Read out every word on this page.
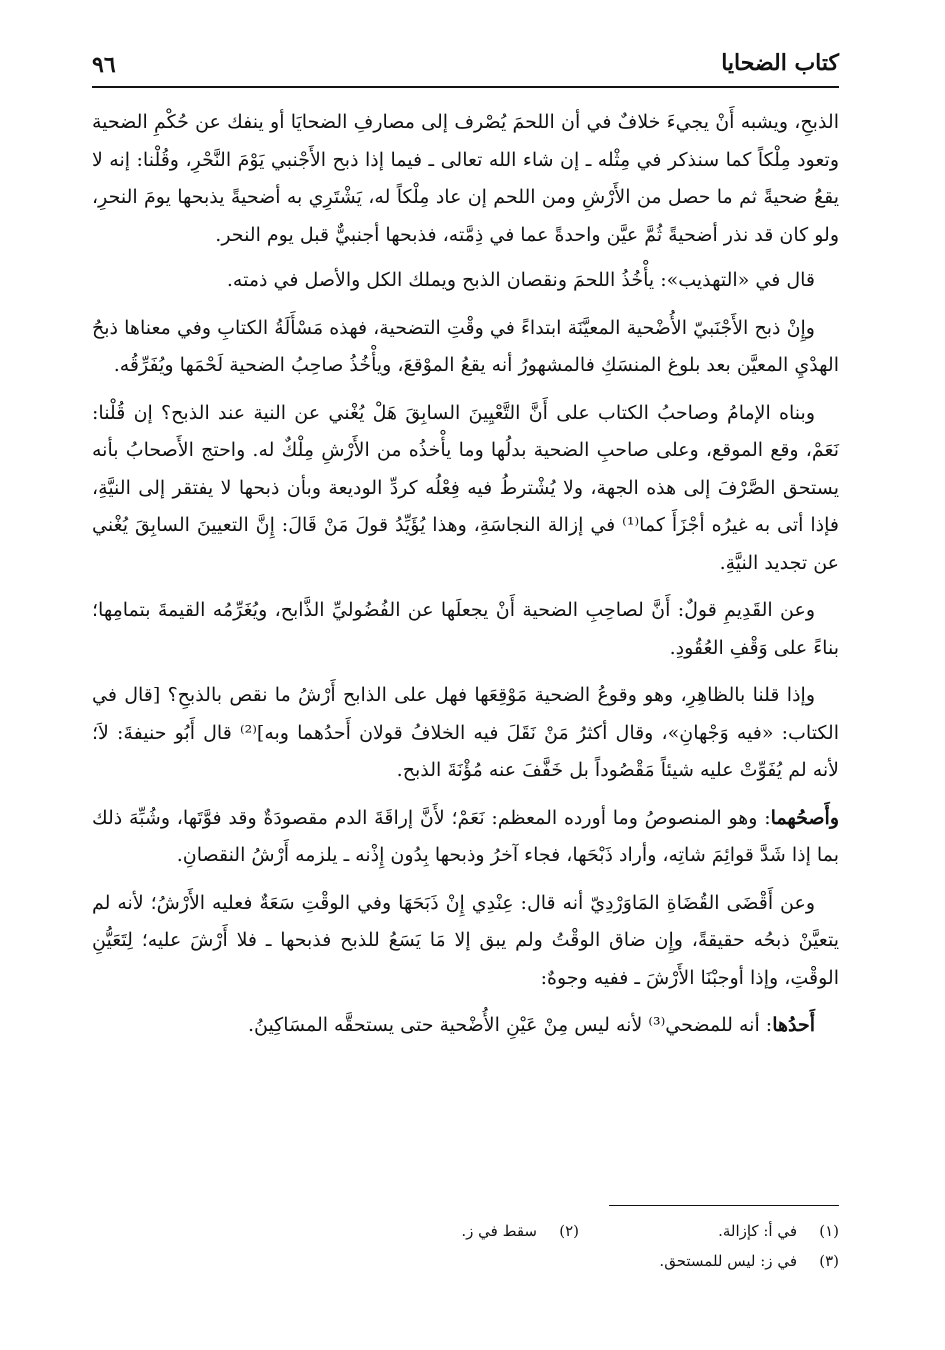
كتاب الضحايا
٩٦

الذبحِ، ويشبه أَنْ يجيءَ خلافٌ في أن اللحمَ يُصْرف إلى مصارفِ الضحايَا أو ينفك عن حُكْمِ الضحية وتعود مِلْكاً كما سنذكر في مِثْله ـ إن شاء الله تعالى ـ فيما إذا ذبح الأَجْنبي يَوْمَ النَّحْرِ، وقُلْنا: إنه لا يقعُ ضحيةً ثم ما حصل من الأَرْشِ ومن اللحم إن عاد مِلْكاً له، يَشْتَرِي به أضحيةً يذبحها يومَ النحرِ، ولو كان قد نذر أضحيةً ثُمَّ عيَّن واحدةً عما في ذِمَّته، فذبحها أجنبيٌّ قبل يوم النحر.

قال في «التهذيب»: يأْخُذُ اللحمَ ونقصان الذبح ويملك الكل والأصل في ذمته.

وإِنْ ذبح الأَجْنَبيّ الأُضْحية المعيَّنَة ابتداءً في وقْتِ التضحية، فهذه مَسْأَلَةُ الكتابِ وفي معناها ذبحُ الهدْيِ المعيَّن بعد بلوغ المنسَكِ فالمشهورُ أنه يقعُ الموْقعَ، ويأْخُذُ صاحِبُ الضحية لَحْمَها ويُفَرِّقُه.

وبناه الإمامُ وصاحبُ الكتاب على أَنَّ التَّعْيِينَ السابِقَ هَلْ يُغْني عن النية عند الذبح؟ إن قُلْنا: نَعَمْ، وقع الموقع، وعلى صاحبِ الضحية بدلُها وما يأْخذُه من الأَرْشِ مِلْكٌ له. واحتج الأَصحابُ بأنه يستحق الصَّرْفَ إلى هذه الجهة، ولا يُشْترطُ فيه فِعْلُه كردِّ الوديعة وبأن ذبحها لا يفتقر إلى النيَّةِ، فإذا أتى به غيرُه أجْزَأَ كما⁽¹⁾ في إزالة النجاسَةِ، وهذا يُؤَيِّدُ قولَ مَنْ قَالَ: إِنَّ التعيينَ السابِقَ يُغْني عن تجديد النيَّةِ.

وعن القَدِيمِ قولٌ: أَنَّ لصاحِبِ الضحية أَنْ يجعلَها عن الفُضُوليِّ الذَّابح، ويُغَرِّمُه القيمةَ بتمامِها؛ بناءً على وَقْفِ العُقُودِ.

وإذا قلنا بالظاهِرِ، وهو وقوعُ الضحية مَوْقِعَها فهل على الذابح أَرْشُ ما نقص بالذبحِ؟ [قال في الكتاب: «فيه وَجْهانِ»، وقال أكثرُ مَنْ نَقَلَ فيه الخلافُ قولان أَحدُهما وبه]⁽²⁾ قال أَبُو حنيفةَ: لاَ؛ لأنه لم يُفَوِّتْ عليه شيئاً مَقْصُوداً بل خَفَّفَ عنه مُؤْنَةَ الذبح.

وأَصحُهما: وهو المنصوصُ وما أورده المعظم: نَعَمْ؛ لأَنَّ إراقَةَ الدم مقصودَةٌ وقد فوَّتَها، وشُبِّهَ ذلك بما إذا شَدَّ قوائِمَ شاتِه، وأراد ذَبْحَها، فجاء آخرُ وذبحها بِدُون إِذْنه ـ يلزمه أَرْشُ النقصانِ.

وعن أَقْضَى القُضَاةِ المَاوَرْدِيّ أنه قال: عِنْدِي إِنْ ذَبَحَهَا وفي الوقْتِ سَعَةٌ فعليه الأَرْشُ؛ لأنه لم يتعيَّنْ ذبحُه حقيقةً، وإِن ضاق الوقْتُ ولم يبق إلا مَا يَسَعُ للذبح فذبحها ـ فلا أَرْشَ عليه؛ لِتَعَيُّنِ الوقْتِ، وإذا أوجبْنَا الأَرْشَ ـ ففيه وجوهٌ:

أَحدُها: أنه للمضحي⁽³⁾ لأنه ليس مِنْ عَيْنِ الأُضْحية حتى يستحقَّه المسَاكِينُ.

(١)
في أ: كإزالة.
(٢)
سقط في ز.
(٣)
في ز: ليس للمستحق.
